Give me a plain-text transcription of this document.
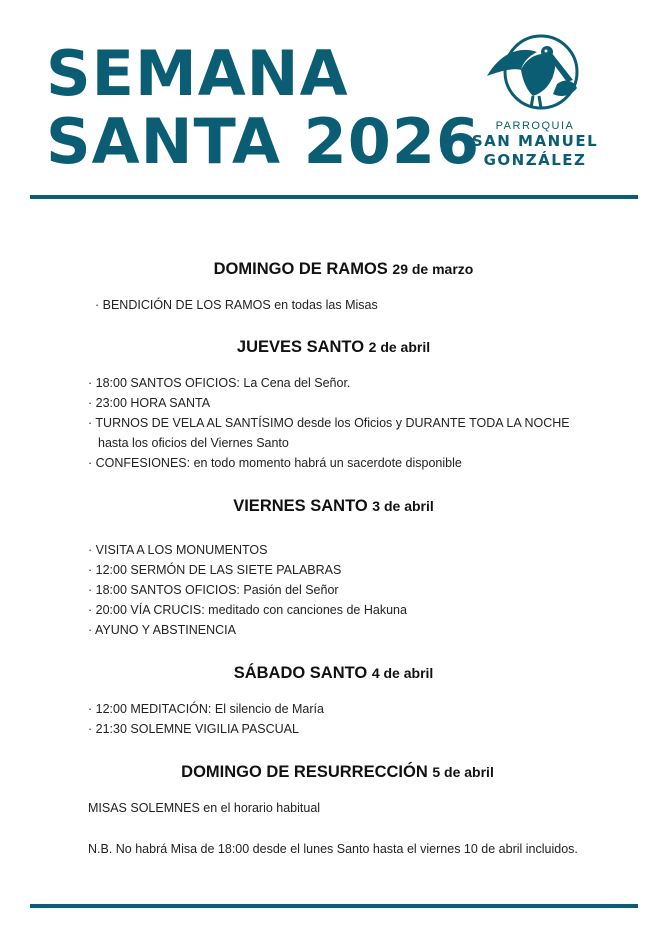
SEMANA
SANTA 2026	PARROQUIA
SAN MANUEL
GONZÁLEZ
DOMINGO DE RAMOS 29 de marzo
· BENDICIÓN DE LOS RAMOS en todas las Misas
JUEVES SANTO 2 de abril
· 18:00 SANTOS OFICIOS: La Cena del Señor.
· 23:00 HORA SANTA
· TURNOS DE VELA AL SANTÍSIMO desde los Oficios y DURANTE TODA LA NOCHE
hasta los oficios del Viernes Santo
· CONFESIONES: en todo momento habrá un sacerdote disponible
VIERNES SANTO 3 de abril
· VISITA A LOS MONUMENTOS
· 12:00 SERMÓN DE LAS SIETE PALABRAS
· 18:00 SANTOS OFICIOS: Pasión del Señor
· 20:00 VÍA CRUCIS: meditado con canciones de Hakuna
· AYUNO Y ABSTINENCIA
SÁBADO SANTO 4 de abril
· 12:00 MEDITACIÓN: El silencio de María
· 21:30 SOLEMNE VIGILIA PASCUAL
DOMINGO DE RESURRECCIÓN 5 de abril
MISAS SOLEMNES en el horario habitual
N.B. No habrá Misa de 18:00 desde el lunes Santo hasta el viernes 10 de abril incluidos.
